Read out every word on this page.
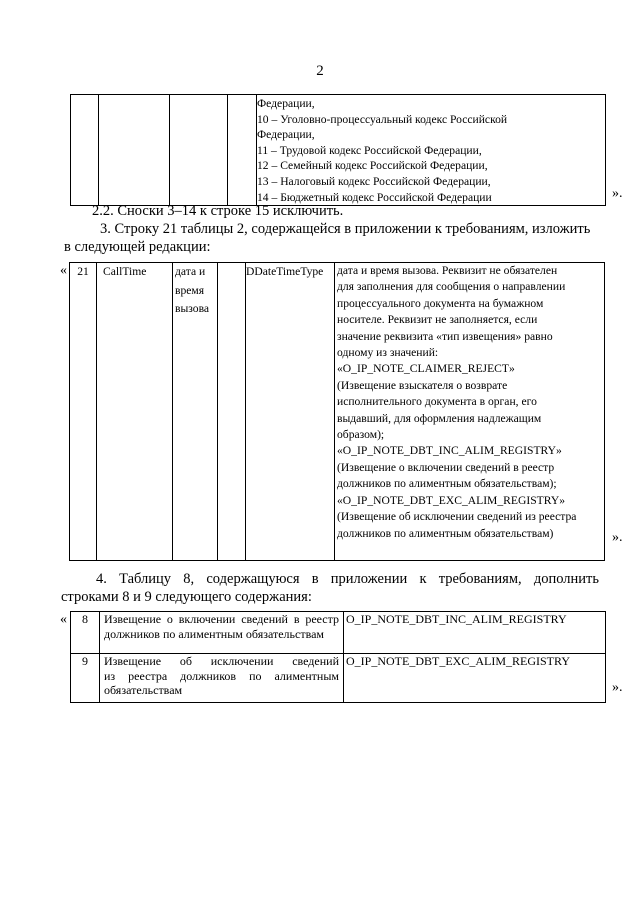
2

Федерации,
10 – Уголовно-процессуальный кодекс Российской
Федерации,
11 – Трудовой кодекс Российской Федерации,
12 – Семейный кодекс Российской Федерации,
13 – Налоговый кодекс Российской Федерации,
14 – Бюджетный кодекс Российской Федерации	».
2.2. Сноски 3–14 к строке 15 исключить.
3. Строку 21 таблицы 2, содержащейся в приложении к требованиям, изложить
в следующей редакции:
« 21	CallTime	дата и
время
вызова		DDateTimeType	дата и время вызова. Реквизит не обязателен
для заполнения для сообщения о направлении
процессуального документа на бумажном
носителе. Реквизит не заполняется, если
значение реквизита «тип извещения» равно
одному из значений:
«O_IP_NOTE_CLAIMER_REJECT»
(Извещение взыскателя о возврате
исполнительного документа в орган, его
выдавший, для оформления надлежащим
образом);
«O_IP_NOTE_DBT_INC_ALIM_REGISTRY»
(Извещение о включении сведений в реестр
должников по алиментным обязательствам);
«O_IP_NOTE_DBT_EXC_ALIM_REGISTRY»
(Извещение об исключении сведений из реестра
должников по алиментным обязательствам)	».
4. Таблицу 8, содержащуюся в приложении к требованиям, дополнить
строками 8 и 9 следующего содержания:
« 8	Извещение о включении сведений в реестр
должников по алиментным обязательствам	O_IP_NOTE_DBT_INC_ALIM_REGISTRY
9	Извещение об исключении сведений
из реестра должников по алиментным
обязательствам	O_IP_NOTE_DBT_EXC_ALIM_REGISTRY
».
